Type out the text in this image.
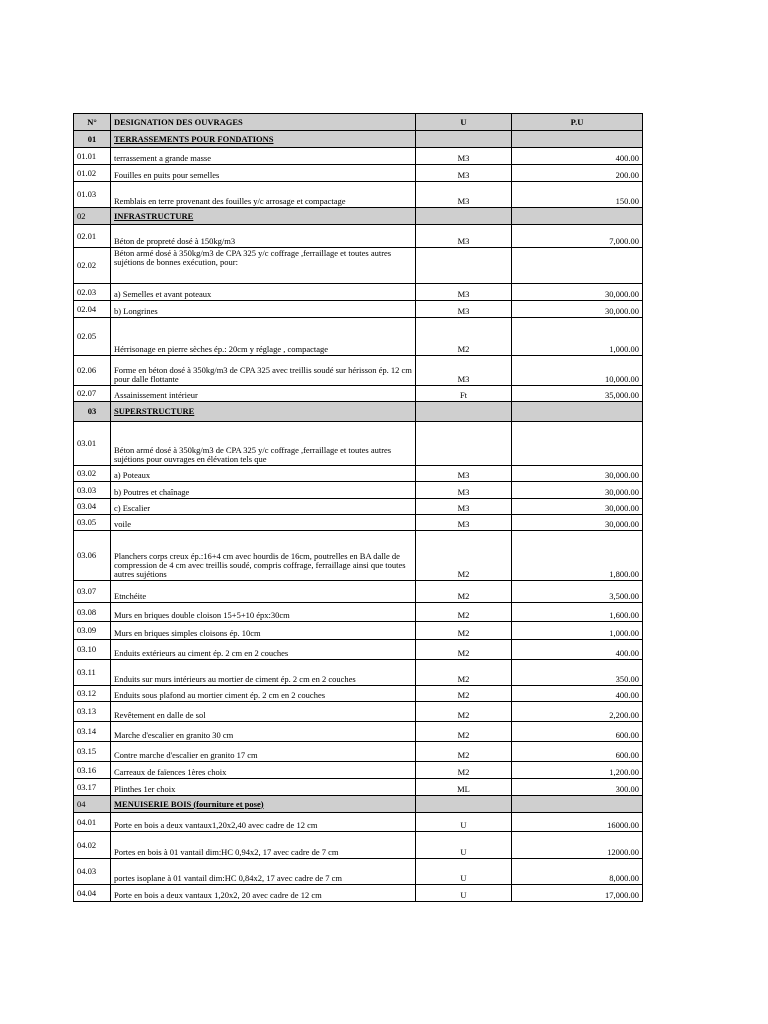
N°	DESIGNATION DES OUVRAGES	U	P.U
01	TERRASSEMENTS POUR FONDATIONS		
01.01	terrassement a grande masse	M3	400.00
01.02	Fouilles en puits pour semelles	M3	200.00
01.03	Remblais en terre provenant des fouilles y/c arrosage et compactage	M3	150.00
02	INFRASTRUCTURE		
02.01	Béton de propreté dosé à 150kg/m3	M3	7,000.00
02.02	Béton armé dosé à 350kg/m3 de CPA 325 y/c coffrage ,ferraillage et toutes autres sujétions de bonnes exécution, pour:		
02.03	a) Semelles et avant poteaux	M3	30,000.00
02.04	b) Longrines	M3	30,000.00
02.05	Hérrisonage en pierre sèches ép.: 20cm y réglage , compactage	M2	1,000.00
02.06	Forme en béton dosé à 350kg/m3 de CPA 325 avec treillis soudé sur hérisson ép. 12 cm pour dalle flottante	M3	10,000.00
02.07	Assainissement intérieur	Ft	35,000.00
03	SUPERSTRUCTURE		
03.01	Béton armé dosé à 350kg/m3 de CPA 325 y/c coffrage ,ferraillage et toutes autres sujétions pour ouvrages en élévation tels que		
03.02	a) Poteaux	M3	30,000.00
03.03	b) Poutres et chaînage	M3	30,000.00
03.04	c) Escalier	M3	30,000.00
03.05	voile	M3	30,000.00
03.06	Planchers corps creux ép.:16+4 cm avec hourdis de 16cm, poutrelles en BA dalle de compression de 4 cm avec treillis soudé, compris coffrage, ferraillage ainsi que toutes autres sujétions	M2	1,800.00
03.07	Etnchéite	M2	3,500.00
03.08	Murs en briques double cloison 15+5+10 épx:30cm	M2	1,600.00
03.09	Murs en briques simples cloisons ép. 10cm	M2	1,000.00
03.10	Enduits extérieurs au ciment ép. 2 cm en 2 couches	M2	400.00
03.11	Enduits sur murs intérieurs au mortier de ciment ép. 2 cm en 2 couches	M2	350.00
03.12	Enduits sous plafond au mortier ciment ép. 2 cm en 2 couches	M2	400.00
03.13	Revêtement en dalle de sol	M2	2,200.00
03.14	Marche d'escalier en granito 30 cm	M2	600.00
03.15	Contre marche d'escalier en granito 17 cm	M2	600.00
03.16	Carreaux de faïences 1ères choix	M2	1,200.00
03.17	Plinthes 1er choix	ML	300.00
04	MENUISERIE BOIS (fourniture et pose)		
04.01	Porte en bois a deux vantaux1,20x2,40 avec cadre de 12 cm	U	16000.00
04.02	Portes en bois à 01 vantail dim:HC 0,94x2, 17 avec cadre de 7 cm	U	12000.00
04.03	portes isoplane à 01 vantail dim:HC 0,84x2, 17 avec cadre de 7 cm	U	8,000.00
04.04	Porte en bois a deux vantaux 1,20x2, 20 avec cadre de 12 cm	U	17,000.00
